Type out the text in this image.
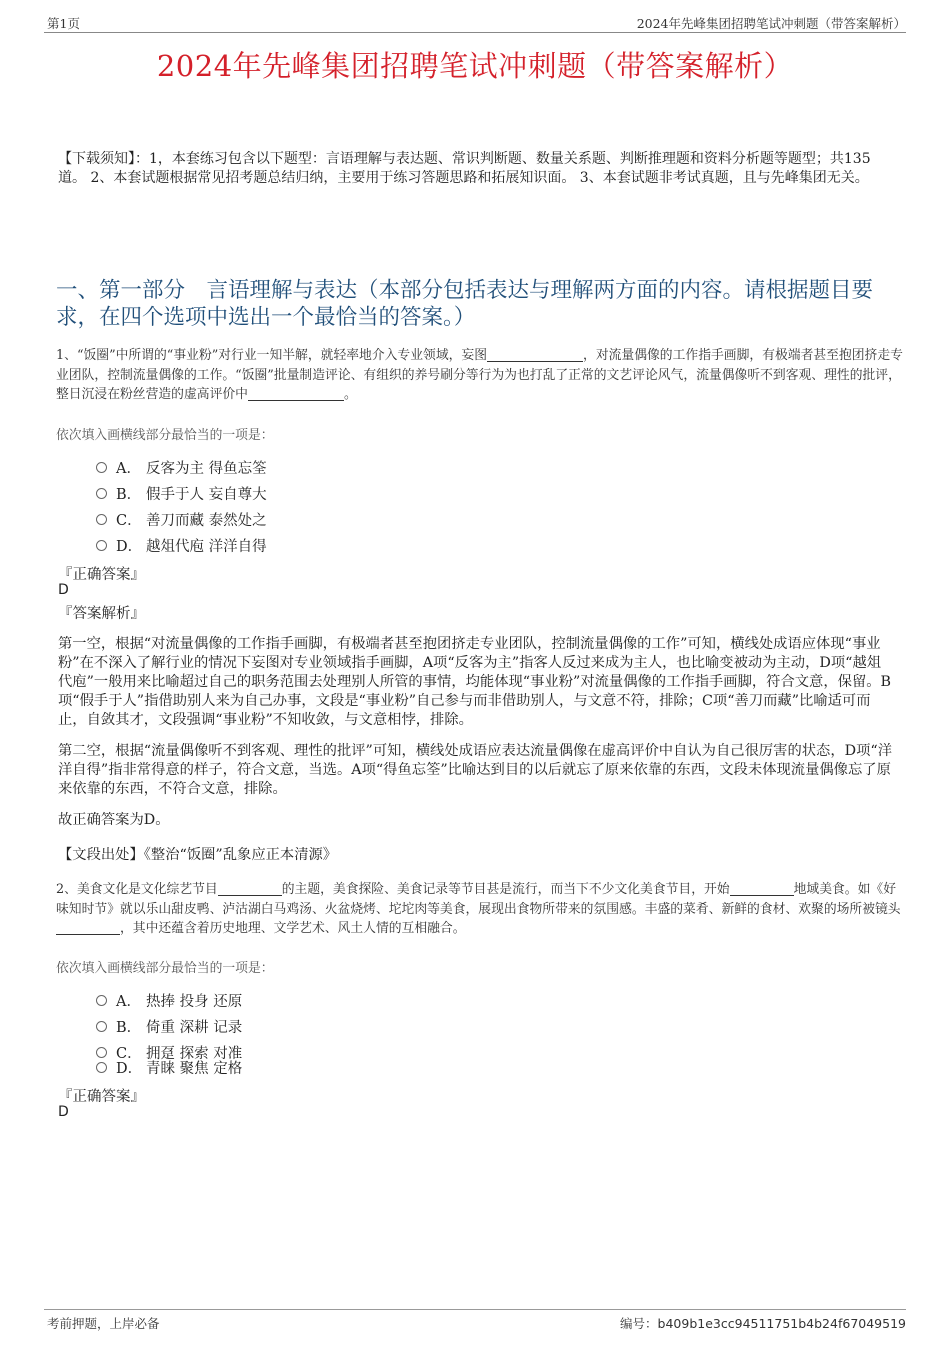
第1页	2024年先峰集团招聘笔试冲刺题（带答案解析）
2024年先峰集团招聘笔试冲刺题（带答案解析）
【下载须知】：1，本套练习包含以下题型：言语理解与表达题、常识判断题、数量关系题、判断推理题和资料分析题等题型；共135道。 2、本套试题根据常见招考题总结归纳，主要用于练习答题思路和拓展知识面。 3、本套试题非考试真题，且与先峰集团无关。
一、第一部分　言语理解与表达（本部分包括表达与理解两方面的内容。请根据题目要求，在四个选项中选出一个最恰当的答案。）
1、“饭圈”中所谓的“事业粉”对行业一知半解，就轻率地介入专业领域，妄图	，对流量偶像的工作指手画脚，有极端者甚至抱团挤走专业团队，控制流量偶像的工作。“饭圈”批量制造评论、有组织的养号刷分等行为为也打乱了正常的文艺评论风气，流量偶像听不到客观、理性的批评，整日沉浸在粉丝营造的虚高评价中	。
依次填入画横线部分最恰当的一项是：
A． 反客为主 得鱼忘筌
B． 假手于人 妄自尊大
C． 善刀而藏 泰然处之
D． 越俎代庖 洋洋自得
『正确答案』
D
『答案解析』
第一空，根据“对流量偶像的工作指手画脚，有极端者甚至抱团挤走专业团队，控制流量偶像的工作”可知，横线处成语应体现“事业粉”在不深入了解行业的情况下妄图对专业领域指手画脚，A项“反客为主”指客人反过来成为主人，也比喻变被动为主动，D项“越俎代庖”一般用来比喻超过自己的职务范围去处理别人所管的事情，均能体现“事业粉”对流量偶像的工作指手画脚，符合文意，保留。B项“假手于人”指借助别人来为自己办事，文段是“事业粉”自己参与而非借助别人，与文意不符，排除；C项“善刀而藏”比喻适可而止，自敛其才，文段强调“事业粉”不知收敛，与文意相悖，排除。
第二空，根据“流量偶像听不到客观、理性的批评”可知，横线处成语应表达流量偶像在虚高评价中自认为自己很厉害的状态，D项“洋洋自得”指非常得意的样子，符合文意，当选。A项“得鱼忘筌”比喻达到目的以后就忘了原来依靠的东西，文段未体现流量偶像忘了原来依靠的东西，不符合文意，排除。
故正确答案为D。
【文段出处】《整治“饭圈”乱象应正本清源》
2、美食文化是文化综艺节目	的主题，美食探险、美食记录等节目甚是流行，而当下不少文化美食节目，开始	地域美食。如《好味知时节》就以乐山甜皮鸭、泸沽湖白马鸡汤、火盆烧烤、坨坨肉等美食，展现出食物所带来的氛围感。丰盛的菜肴、新鲜的食材、欢聚的场所被镜头，其中还蕴含着历史地理、文学艺术、风土人情的互相融合。
依次填入画横线部分最恰当的一项是：
A． 热捧 投身 还原
B． 倚重 深耕 记录
C． 拥趸 探索 对准
D． 青睐 聚焦 定格
『正确答案』
D
考前押题，上岸必备	编号：b409b1e3cc94511751b4b24f67049519
